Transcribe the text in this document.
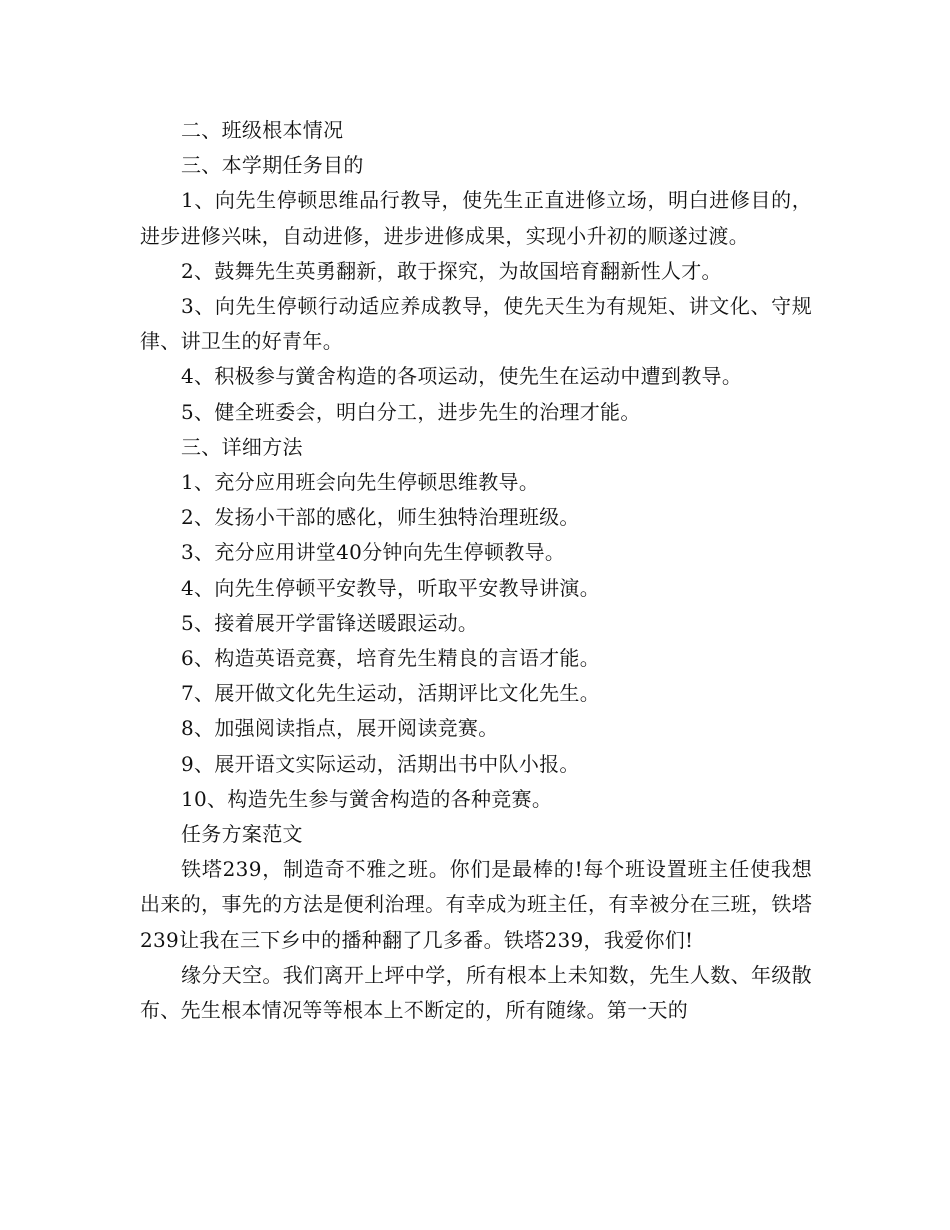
二、班级根本情况

三、本学期任务目的

1、向先生停顿思维品行教导，使先生正直进修立场，明白进修目的，进步进修兴味，自动进修，进步进修成果，实现小升初的顺遂过渡。

2、鼓舞先生英勇翻新，敢于探究，为故国培育翻新性人才。

3、向先生停顿行动适应养成教导，使先天生为有规矩、讲文化、守规律、讲卫生的好青年。

4、积极参与黉舍构造的各项运动，使先生在运动中遭到教导。

5、健全班委会，明白分工，进步先生的治理才能。

三、详细方法

1、充分应用班会向先生停顿思维教导。

2、发扬小干部的感化，师生独特治理班级。

3、充分应用讲堂40分钟向先生停顿教导。

4、向先生停顿平安教导，听取平安教导讲演。

5、接着展开学雷锋送暖跟运动。

6、构造英语竞赛，培育先生精良的言语才能。

7、展开做文化先生运动，活期评比文化先生。

8、加强阅读指点，展开阅读竞赛。

9、展开语文实际运动，活期出书中队小报。

10、构造先生参与黉舍构造的各种竞赛。

任务方案范文

铁塔239，制造奇不雅之班。你们是最棒的!每个班设置班主任使我想出来的，事先的方法是便利治理。有幸成为班主任，有幸被分在三班，铁塔239让我在三下乡中的播种翻了几多番。铁塔239，我爱你们!

缘分天空。我们离开上坪中学，所有根本上未知数，先生人数、年级散布、先生根本情况等等根本上不断定的，所有随缘。第一天的
